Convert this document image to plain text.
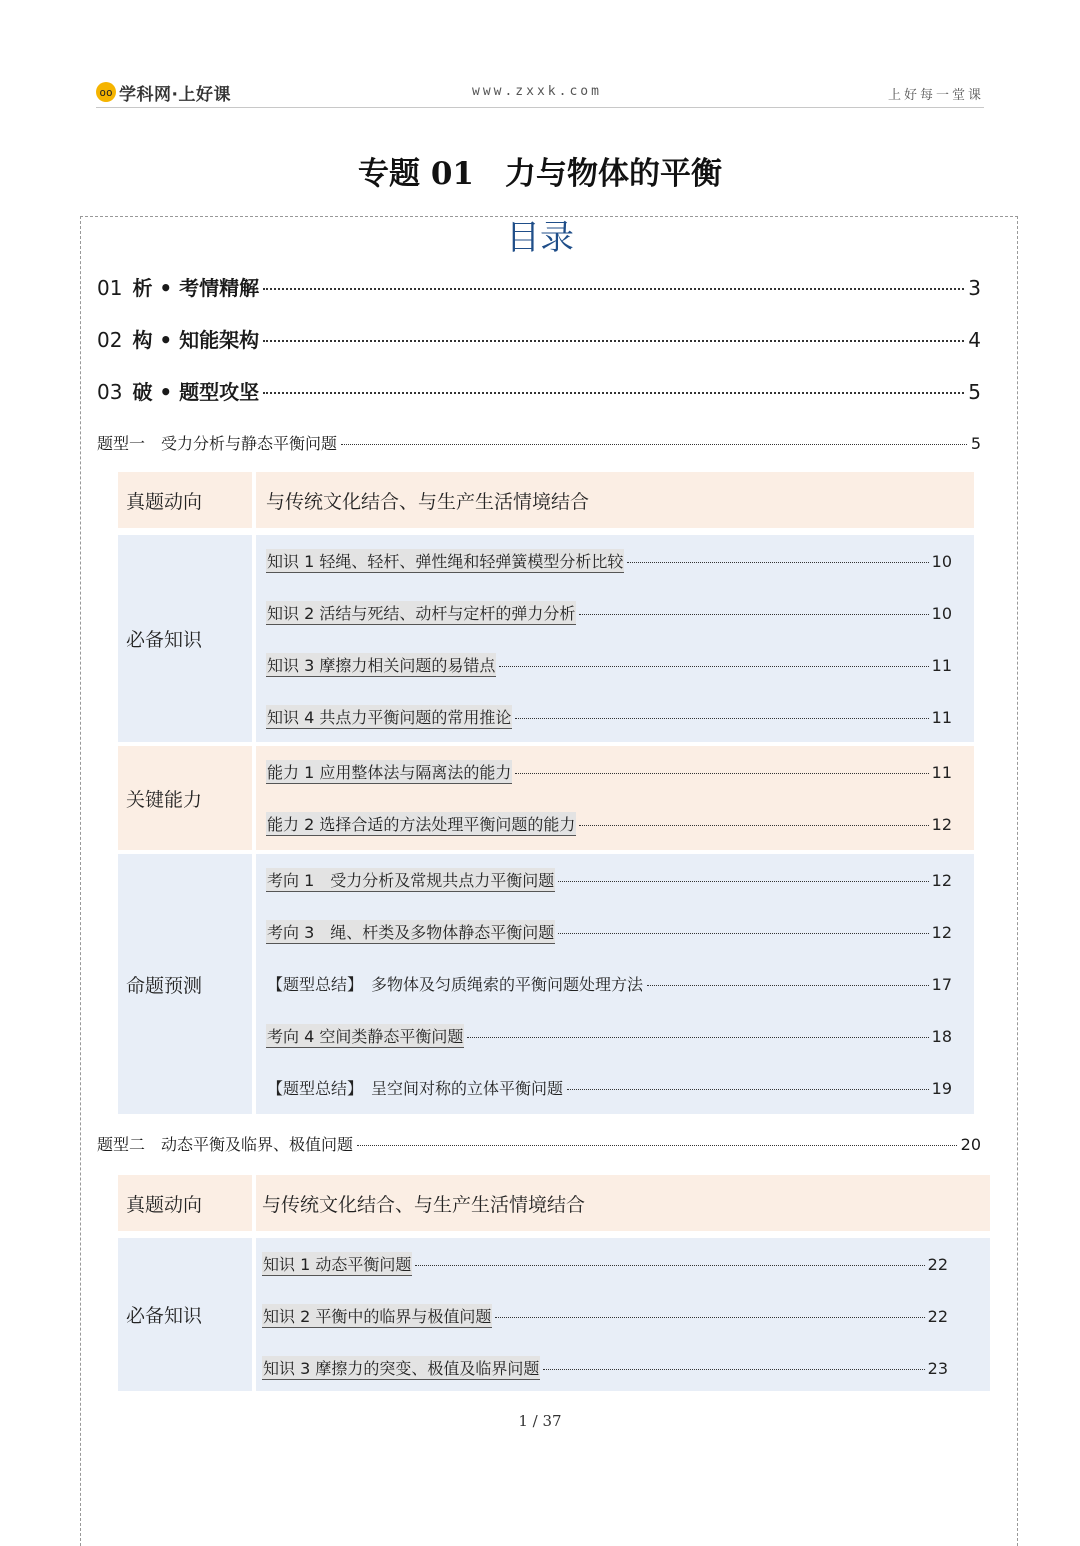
oo 学科网·上好课	www.zxxk.com	上好每一堂课
专题 01　力与物体的平衡
目录
01 析 • 考情精解	3
02 构 • 知能架构	4
03 破 • 题型攻坚	5
题型一　受力分析与静态平衡问题	5
真题动向	与传统文化结合、与生产生活情境结合
必备知识
知识 1 轻绳、轻杆、弹性绳和轻弹簧模型分析比较	10
知识 2 活结与死结、动杆与定杆的弹力分析	10
知识 3 摩擦力相关问题的易错点	11
知识 4 共点力平衡问题的常用推论	11
关键能力
能力 1 应用整体法与隔离法的能力	11
能力 2 选择合适的方法处理平衡问题的能力	12
命题预测
考向 1　受力分析及常规共点力平衡问题	12
考向 3　绳、杆类及多物体静态平衡问题	12
【题型总结】　多物体及匀质绳索的平衡问题处理方法	17
考向 4 空间类静态平衡问题	18
【题型总结】　呈空间对称的立体平衡问题	19
题型二　动态平衡及临界、极值问题	20
真题动向	与传统文化结合、与生产生活情境结合
必备知识
知识 1 动态平衡问题	22
知识 2 平衡中的临界与极值问题	22
知识 3 摩擦力的突变、极值及临界问题	23
1 / 37
